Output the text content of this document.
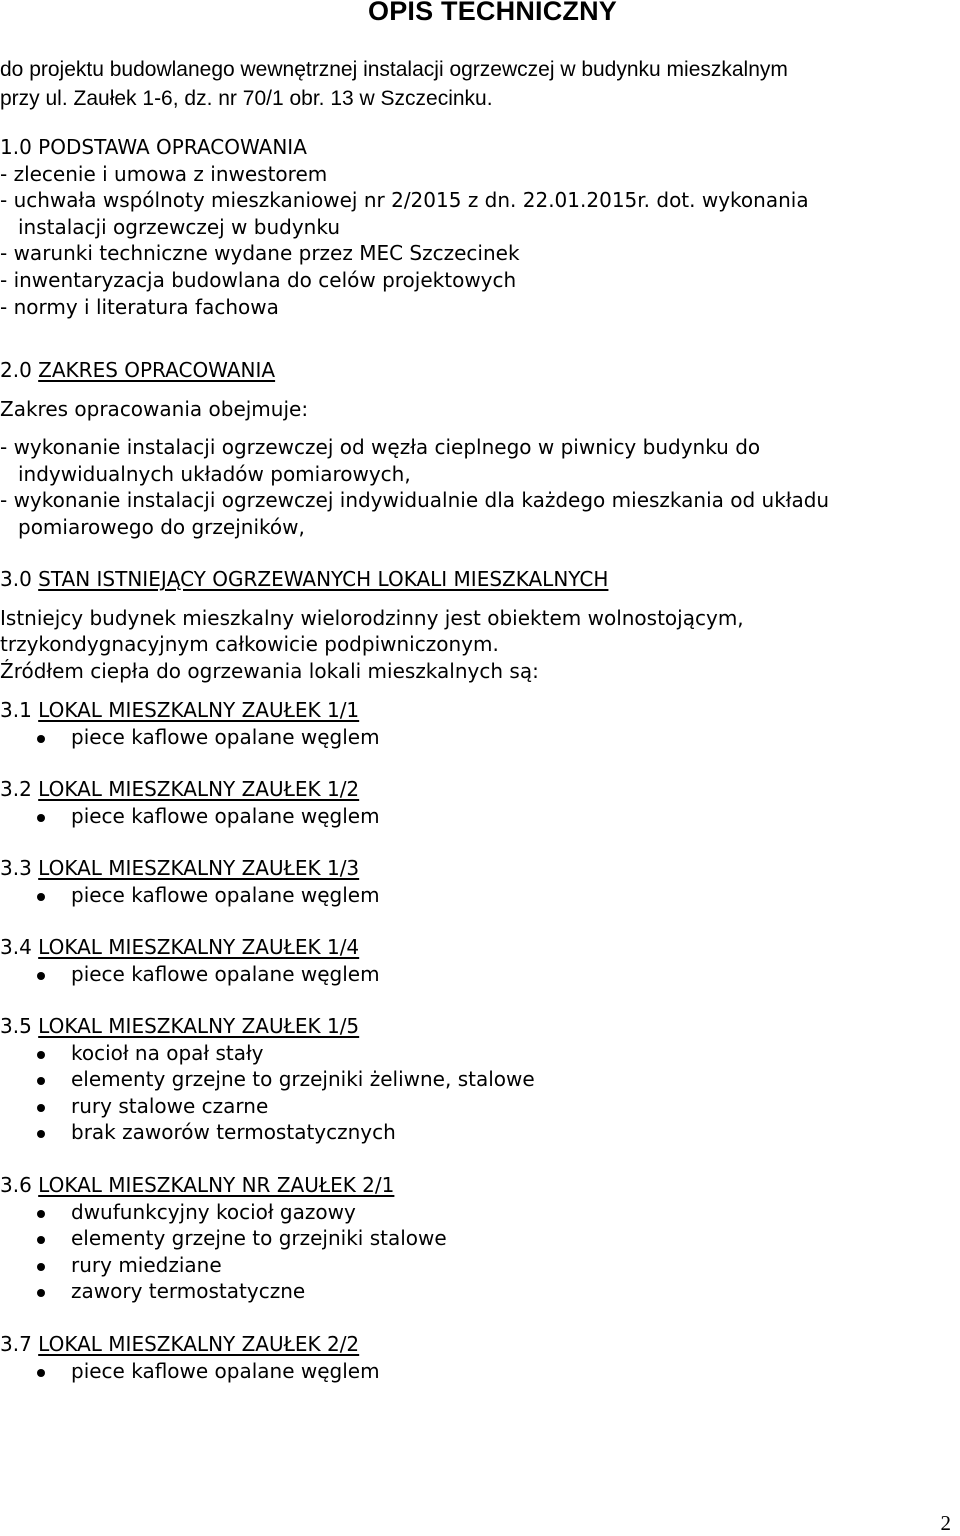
OPIS TECHNICZNY
do projektu budowlanego wewnętrznej instalacji ogrzewczej w budynku mieszkalnym
przy ul. Zaułek 1-6, dz. nr 70/1 obr. 13 w Szczecinku.
1.0 PODSTAWA OPRACOWANIA
- zlecenie i umowa z inwestorem
- uchwała wspólnoty mieszkaniowej nr 2/2015 z dn. 22.01.2015r. dot. wykonania
instalacji ogrzewczej w budynku
- warunki techniczne wydane przez MEC Szczecinek
- inwentaryzacja budowlana do celów projektowych
- normy i literatura fachowa
2.0 ZAKRES OPRACOWANIA
Zakres opracowania obejmuje:
- wykonanie instalacji ogrzewczej od węzła cieplnego w piwnicy budynku do
indywidualnych układów pomiarowych,
- wykonanie instalacji ogrzewczej indywidualnie dla każdego mieszkania od układu
pomiarowego do grzejników,
3.0 STAN ISTNIEJĄCY OGRZEWANYCH LOKALI MIESZKALNYCH
Istniejcy budynek mieszkalny wielorodzinny jest obiektem wolnostojącym,
trzykondygnacyjnym całkowicie podpiwniczonym.
Źródłem ciepła do ogrzewania lokali mieszkalnych są:
3.1 LOKAL MIESZKALNY ZAUŁEK 1/1
piece kaflowe opalane węglem
3.2 LOKAL MIESZKALNY ZAUŁEK 1/2
piece kaflowe opalane węglem
3.3 LOKAL MIESZKALNY ZAUŁEK 1/3
piece kaflowe opalane węglem
3.4 LOKAL MIESZKALNY ZAUŁEK 1/4
piece kaflowe opalane węglem
3.5 LOKAL MIESZKALNY ZAUŁEK 1/5
kocioł na opał stały
elementy grzejne to grzejniki żeliwne, stalowe
rury stalowe czarne
brak zaworów termostatycznych
3.6 LOKAL MIESZKALNY NR ZAUŁEK 2/1
dwufunkcyjny kocioł gazowy
elementy grzejne to grzejniki stalowe
rury miedziane
zawory termostatyczne
3.7 LOKAL MIESZKALNY ZAUŁEK 2/2
piece kaflowe opalane węglem
2
